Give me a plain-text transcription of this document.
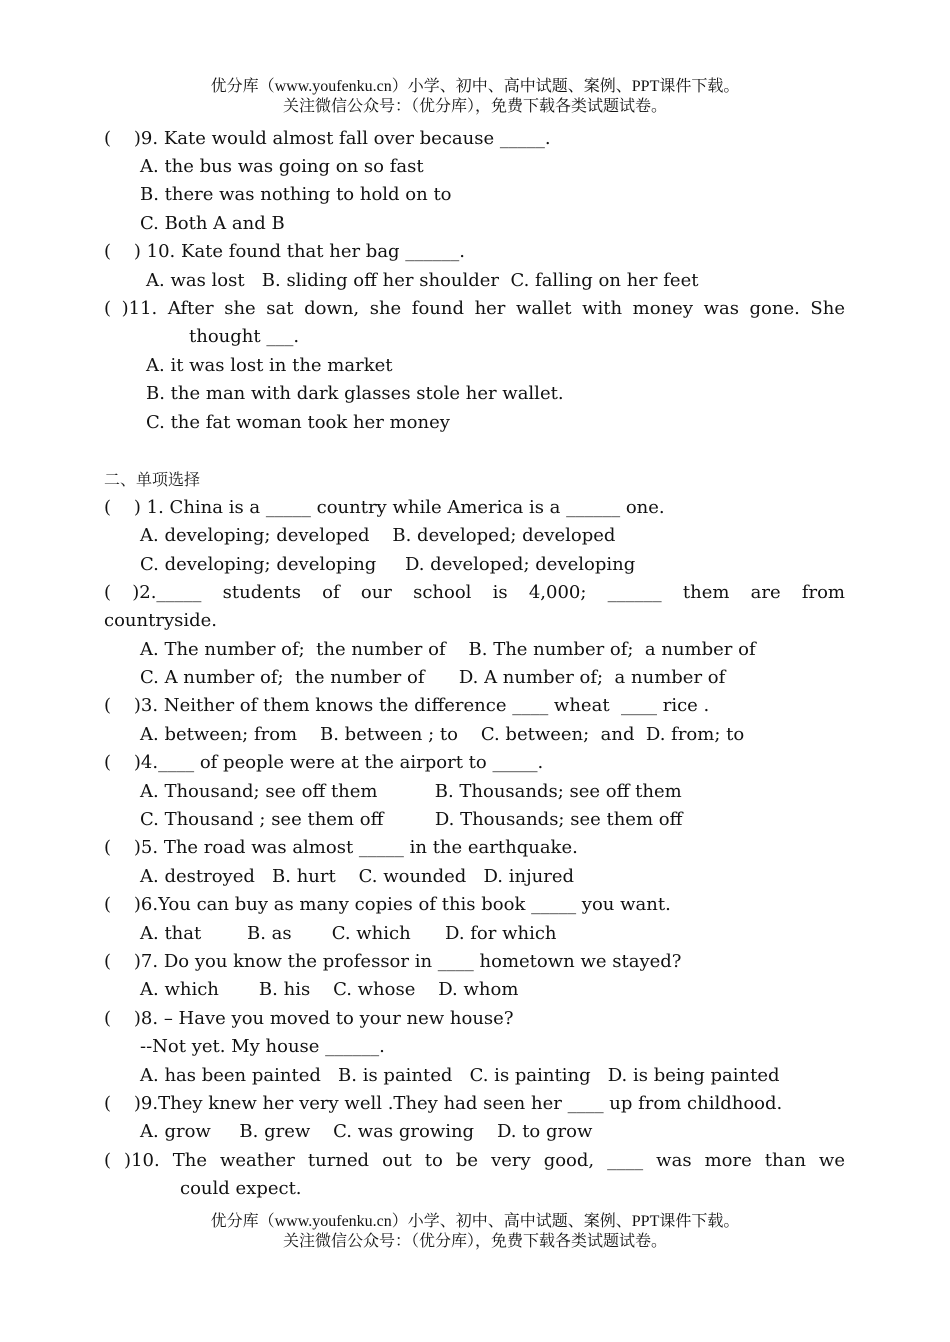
优分库（www.youfenku.cn）小学、初中、高中试题、案例、PPT课件下载。
关注微信公众号：（优分库），免费下载各类试题试卷。
(    )9. Kate would almost fall over because _____.
A. the bus was going on so fast
B. there was nothing to hold on to
C. Both A and B
(    ) 10. Kate found that her bag ______.
A. was lost   B. sliding off her shoulder  C. falling on her feet
( )11. After she sat down, she found her wallet with money was gone. She
thought ___.
A. it was lost in the market
B. the man with dark glasses stole her wallet.
C. the fat woman took her money
二、单项选择
(    ) 1. China is a _____ country while America is a ______ one.
A. developing; developed    B. developed; developed
C. developing; developing     D. developed; developing
( )2._____ students of our school is 4,000; ______ them are from
countryside.
A. The number of;  the number of    B. The number of;  a number of
C. A number of;  the number of      D. A number of;  a number of
(    )3. Neither of them knows the difference ____ wheat  ____ rice .
A. between; from    B. between ; to    C. between;  and  D. from; to
(    )4.____ of people were at the airport to _____.
A. Thousand; see off them          B. Thousands; see off them
C. Thousand ; see them off         D. Thousands; see them off
(    )5. The road was almost _____ in the earthquake.
A. destroyed   B. hurt    C. wounded   D. injured
(    )6.You can buy as many copies of this book _____ you want.
A. that        B. as       C. which      D. for which
(    )7. Do you know the professor in ____ hometown we stayed?
A. which       B. his    C. whose    D. whom
(    )8. – Have you moved to your new house?
--Not yet. My house ______.
A. has been painted   B. is painted   C. is painting   D. is being painted
(    )9.They knew her very well .They had seen her ____ up from childhood.
A. grow     B. grew    C. was growing    D. to grow
( )10. The weather turned out to be very good, ____ was more than we
could expect.
优分库（www.youfenku.cn）小学、初中、高中试题、案例、PPT课件下载。
关注微信公众号：（优分库），免费下载各类试题试卷。
